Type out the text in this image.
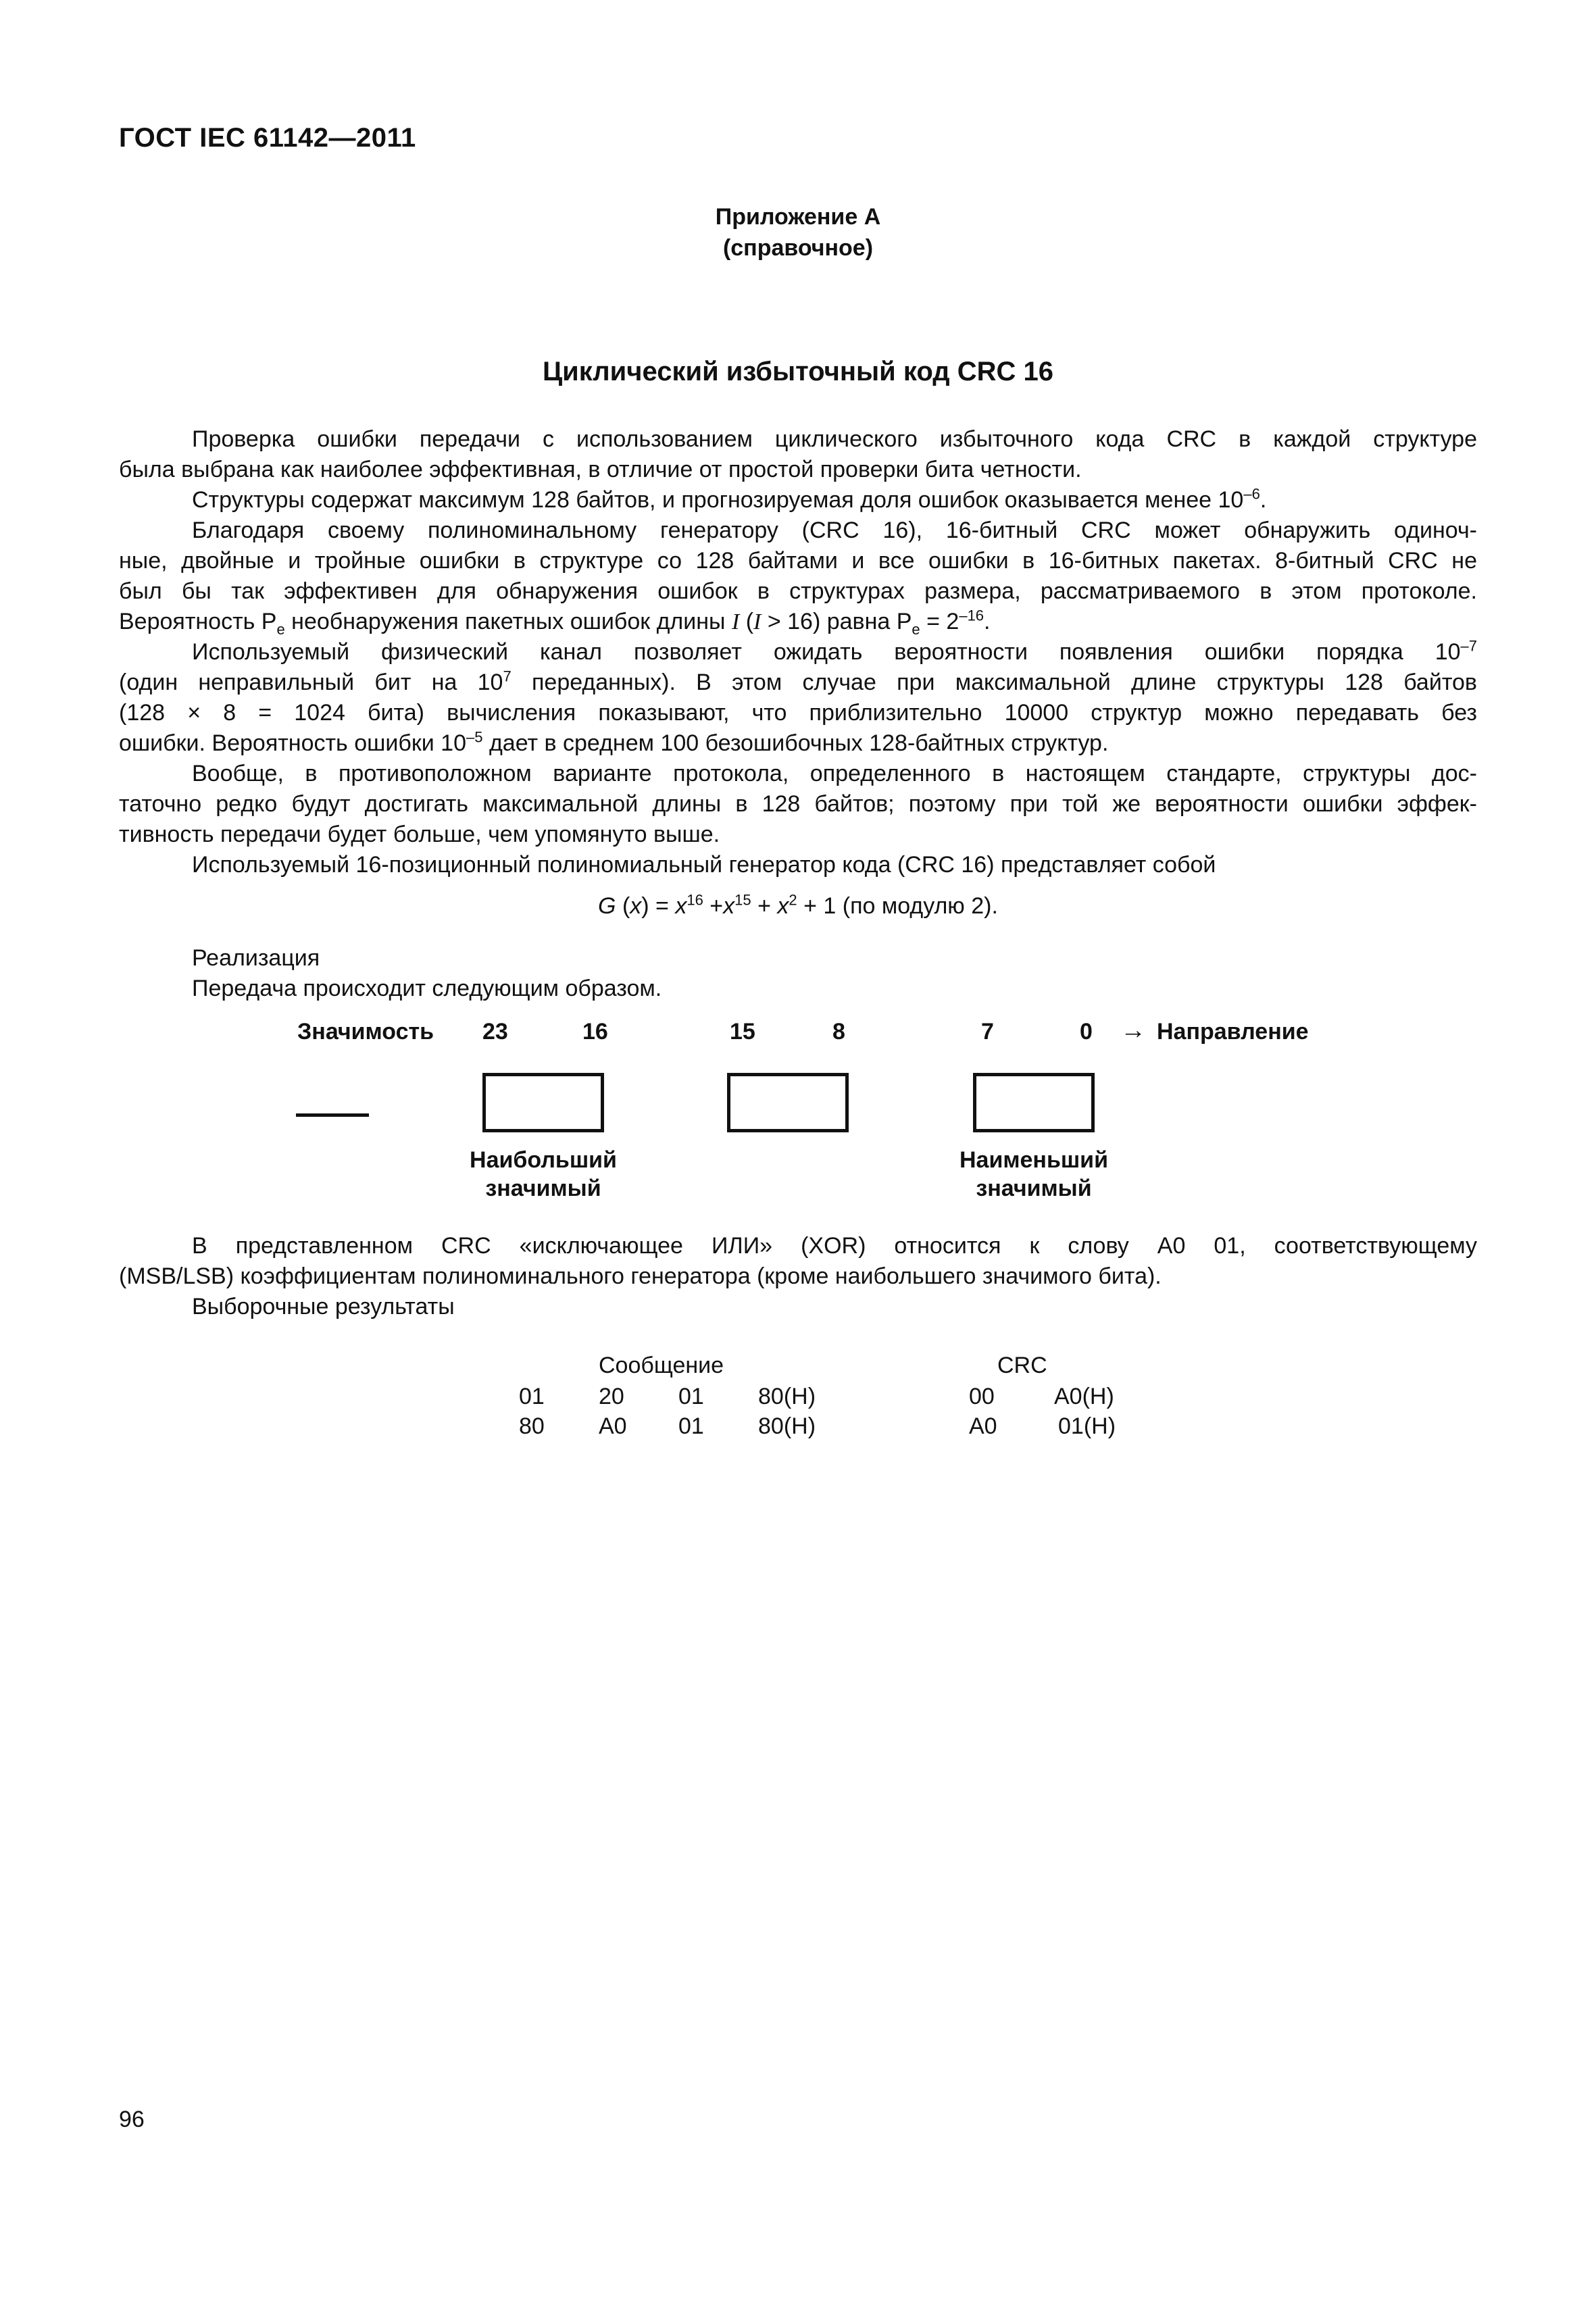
ГОСТ IEC 61142—2011
Приложение А
(справочное)
Циклический избыточный код CRC 16
Проверка ошибки передачи с использованием циклического избыточного кода CRC в каждой структуре
была выбрана как наиболее эффективная, в отличие от простой проверки бита четности.
Структуры содержат максимум 128 байтов, и прогнозируемая доля ошибок оказывается менее $10^{-6}$.
Благодаря своему полиноминальному генератору (CRC 16), 16-битный CRC может обнаружить одиноч-
ные, двойные и тройные ошибки в структуре со 128 байтами и все ошибки в 16-битных пакетах. 8-битный CRC не
был бы так эффективен для обнаружения ошибок в структурах размера, рассматриваемого в этом протоколе.
Вероятность $P_e$ необнаружения пакетных ошибок длины I (I > 16) равна $P_e = 2^{-16}$.
Используемый физический канал позволяет ожидать вероятности появления ошибки порядка $10^{-7}$
(один неправильный бит на $10^7$ переданных). В этом случае при максимальной длине структуры 128 байтов
(128 × 8 = 1024 бита) вычисления показывают, что приблизительно 10000 структур можно передавать без
ошибки. Вероятность ошибки $10^{-5}$ дает в среднем 100 безошибочных 128-байтных структур.
Вообще, в противоположном варианте протокола, определенного в настоящем стандарте, структуры дос-
таточно редко будут достигать максимальной длины в 128 байтов; поэтому при той же вероятности ошибки эффек-
тивность передачи будет больше, чем упомянуто выше.
Используемый 16-позиционный полиномиальный генератор кода (CRC 16) представляет собой
G $(x) = x^{16} +x^{15} + x^2 + 1$ (по модулю 2).
Реализация
Передача происходит следующим образом.
Значимость 23	16	15	8	7	0 → Направление
Наибольший
значимый
Наименьший
значимый
В представленном CRC «исключающее ИЛИ» (XOR) относится к слову A0 01, соответствующему
(MSB/LSB) коэффициентам полиноминального генератора (кроме наибольшего значимого бита).
Выборочные результаты
Сообщение	CRC
01 20 01 80(H)	00	A0(H)
80 A0 01 80(H)	A0	01(H)
96
